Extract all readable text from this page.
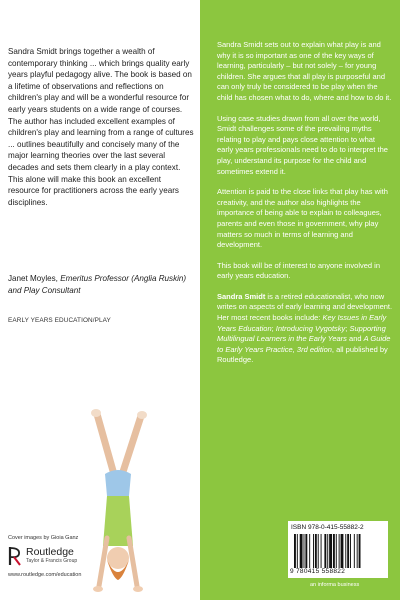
Sandra Smidt brings together a wealth of contemporary thinking ... which brings quality early years playful pedagogy alive. The book is based on a lifetime of observations and reflections on children's play and will be a wonderful resource for early years students on a wide range of courses. The author has included excellent examples of children's play and learning from a range of cultures ... outlines beautifully and concisely many of the major learning theories over the last several decades and sets them clearly in a play context. This alone will make this book an excellent resource for practitioners across the early years disciplines.

Janet Moyles, Emeritus Professor (Anglia Ruskin) and Play Consultant

EARLY YEARS EDUCATION/PLAY

Cover images by Gioia Ganz

Routledge
Taylor & Francis Group

www.routledge.com/education

Sandra Smidt sets out to explain what play is and why it is so important as one of the key ways of learning, particularly – but not solely – for young children. She argues that all play is purposeful and can only truly be considered to be play when the child has chosen what to do, where and how to do it.

Using case studies drawn from all over the world, Smidt challenges some of the prevailing myths relating to play and pays close attention to what early years professionals need to do to interpret the play, understand its purpose for the child and sometimes extend it.

Attention is paid to the close links that play has with creativity, and the author also highlights the importance of being able to explain to colleagues, parents and even those in government, why play matters so much in terms of learning and development.

This book will be of interest to anyone involved in early years education.

Sandra Smidt is a retired educationalist, who now writes on aspects of early learning and development. Her most recent books include: Key Issues in Early Years Education; Introducing Vygotsky; Supporting Multilingual Learners in the Early Years and A Guide to Early Years Practice, 3rd edition, all published by Routledge.

ISBN 978-0-415-55882-2
9 780415 558822

an informa business
